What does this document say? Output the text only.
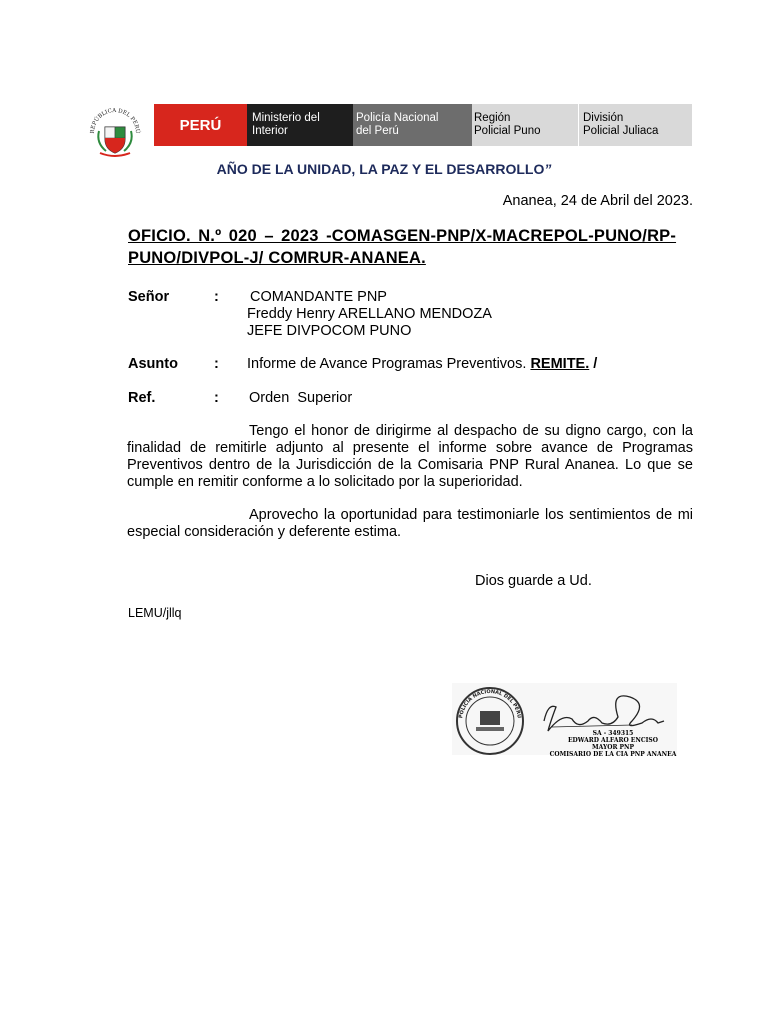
REPÚBLICA DEL PERÚ	PERÚ	Ministerio del
Interior
Policía Nacional
del Perú
Región
Policial Puno
División
Policial Juliaca
AÑO DE LA UNIDAD, LA PAZ Y EL DESARROLLO”
Ananea, 24 de Abril del 2023.
OFICIO. N.º 020 – 2023 -COMASGEN-PNP/X-MACREPOL-PUNO/RP-PUNO/DIVPOL-J/ COMRUR-ANANEA.
Señor	: COMANDANTE PNP
Freddy Henry ARELLANO MENDOZA
JEFE DIVPOCOM PUNO
Asunto : Informe de Avance Programas Preventivos. REMITE. /
Ref.	: Orden  Superior
Tengo el honor de dirigirme al despacho de su digno cargo, con la finalidad de remitirle adjunto al presente el informe sobre avance de Programas Preventivos dentro de la Jurisdicción de la Comisaria PNP Rural Ananea. Lo que se cumple en remitir conforme a lo solicitado por la superioridad.
Aprovecho la oportunidad para testimoniarle los sentimientos de mi especial consideración y deferente estima.
Dios guarde a Ud.
LEMU/jllq
POLICÍA NACIONAL DEL PERÚ
SA - 349315
EDWARD ALFARO ENCISO
MAYOR PNP
COMISARIO DE LA CIA PNP ANANEA
